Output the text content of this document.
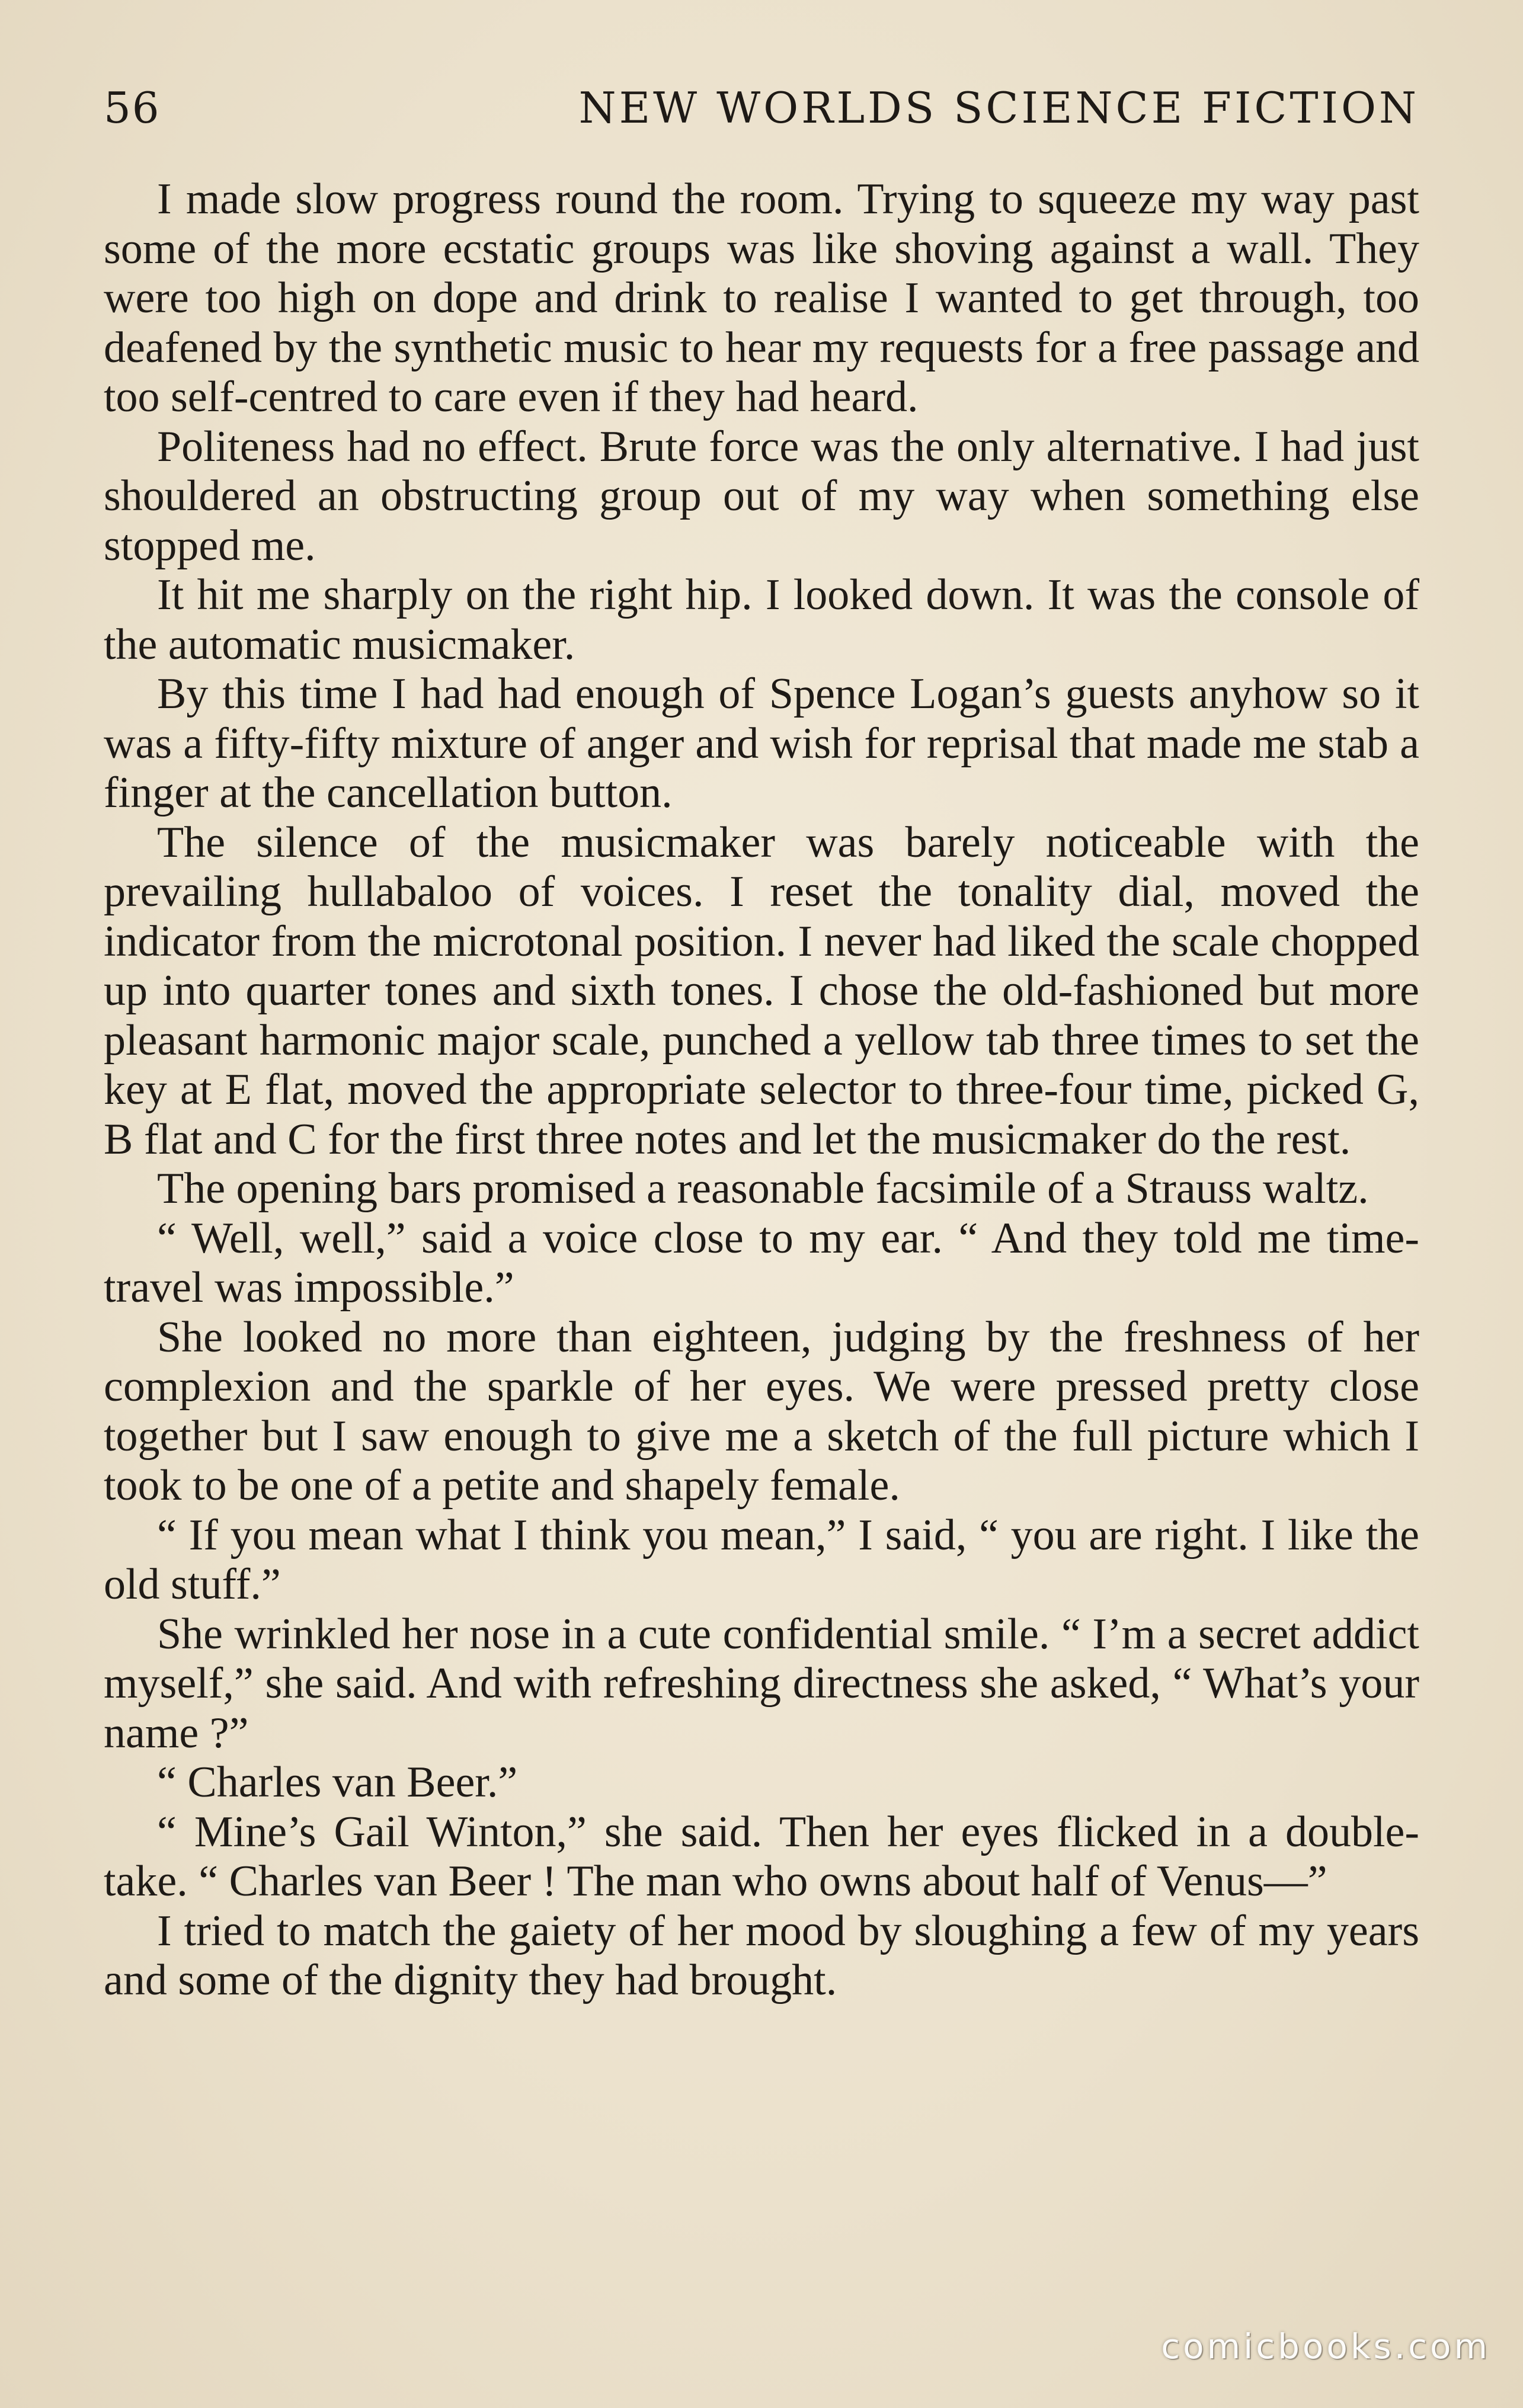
56	NEW WORLDS SCIENCE FICTION

I made slow progress round the room. Trying to squeeze my way past some of the more ecstatic groups was like shoving against a wall. They were too high on dope and drink to realise I wanted to get through, too deafened by the synthetic music to hear my requests for a free passage and too self-centred to care even if they had heard.

Politeness had no effect. Brute force was the only alternative. I had just shouldered an obstructing group out of my way when something else stopped me.

It hit me sharply on the right hip. I looked down. It was the console of the automatic musicmaker.

By this time I had had enough of Spence Logan’s guests anyhow so it was a fifty-fifty mixture of anger and wish for reprisal that made me stab a finger at the cancellation button.

The silence of the musicmaker was barely noticeable with the prevailing hullabaloo of voices. I reset the tonality dial, moved the indicator from the microtonal position. I never had liked the scale chopped up into quarter tones and sixth tones. I chose the old-fashioned but more pleasant harmonic major scale, punched a yellow tab three times to set the key at E flat, moved the appropriate selector to three-four time, picked G, B flat and C for the first three notes and let the musicmaker do the rest.

The opening bars promised a reasonable facsimile of a Strauss waltz.

“ Well, well,” said a voice close to my ear. “ And they told me time-travel was impossible.”

She looked no more than eighteen, judging by the freshness of her complexion and the sparkle of her eyes. We were pressed pretty close together but I saw enough to give me a sketch of the full picture which I took to be one of a petite and shapely female.

“ If you mean what I think you mean,” I said, “ you are right. I like the old stuff.”

She wrinkled her nose in a cute confidential smile. “ I’m a secret addict myself,” she said. And with refreshing directness she asked, “ What’s your name ?”

“ Charles van Beer.”

“ Mine’s Gail Winton,” she said. Then her eyes flicked in a double-take. “ Charles van Beer ! The man who owns about half of Venus—”

I tried to match the gaiety of her mood by sloughing a few of my years and some of the dignity they had brought.

comicbooks.com
